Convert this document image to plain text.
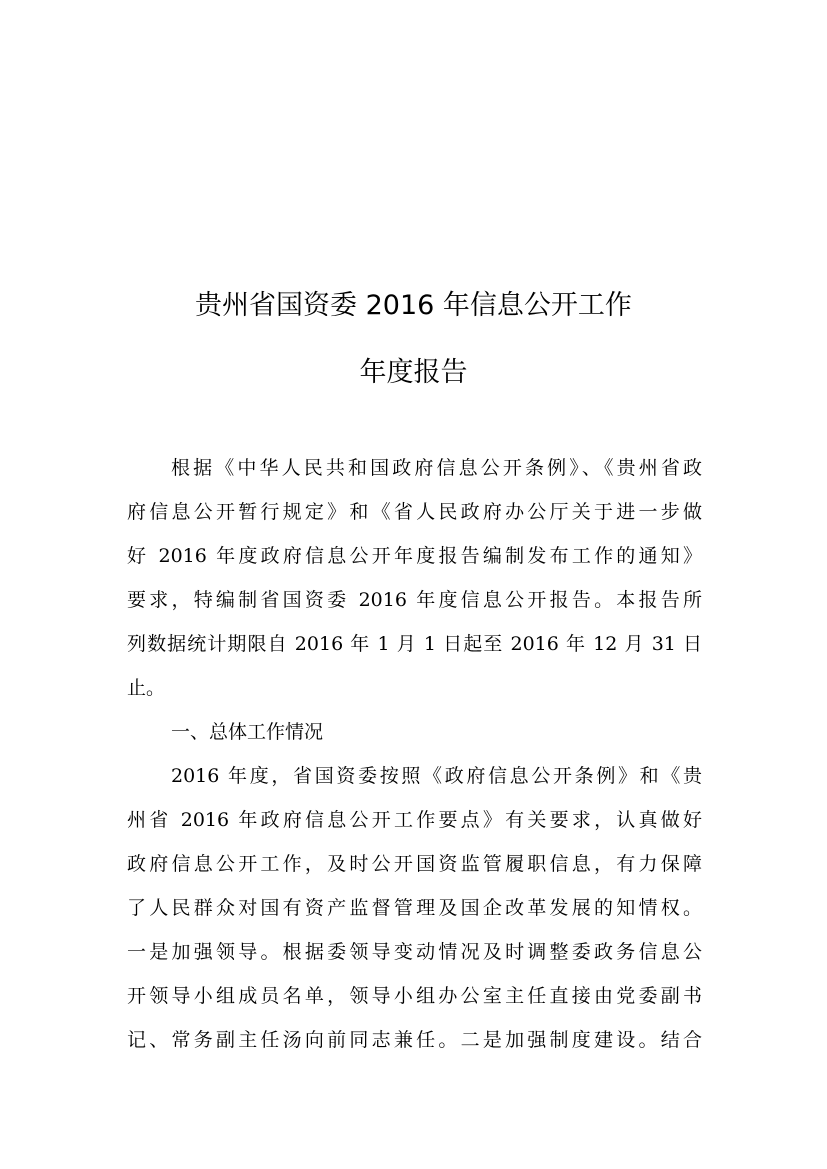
贵州省国资委 2016 年信息公开工作
年度报告
根据《中华人民共和国政府信息公开条例》、《贵州省政
府信息公开暂行规定》和《省人民政府办公厅关于进一步做
好 2016 年度政府信息公开年度报告编制发布工作的通知》
要求，特编制省国资委 2016 年度信息公开报告。本报告所
列数据统计期限自 2016 年 1 月 1 日起至 2016 年 12 月 31 日
止。
一、总体工作情况
2016 年度，省国资委按照《政府信息公开条例》和《贵
州省 2016 年政府信息公开工作要点》有关要求，认真做好
政府信息公开工作，及时公开国资监管履职信息，有力保障
了人民群众对国有资产监督管理及国企改革发展的知情权。
一是加强领导。根据委领导变动情况及时调整委政务信息公
开领导小组成员名单，领导小组办公室主任直接由党委副书
记、常务副主任汤向前同志兼任。二是加强制度建设。结合
